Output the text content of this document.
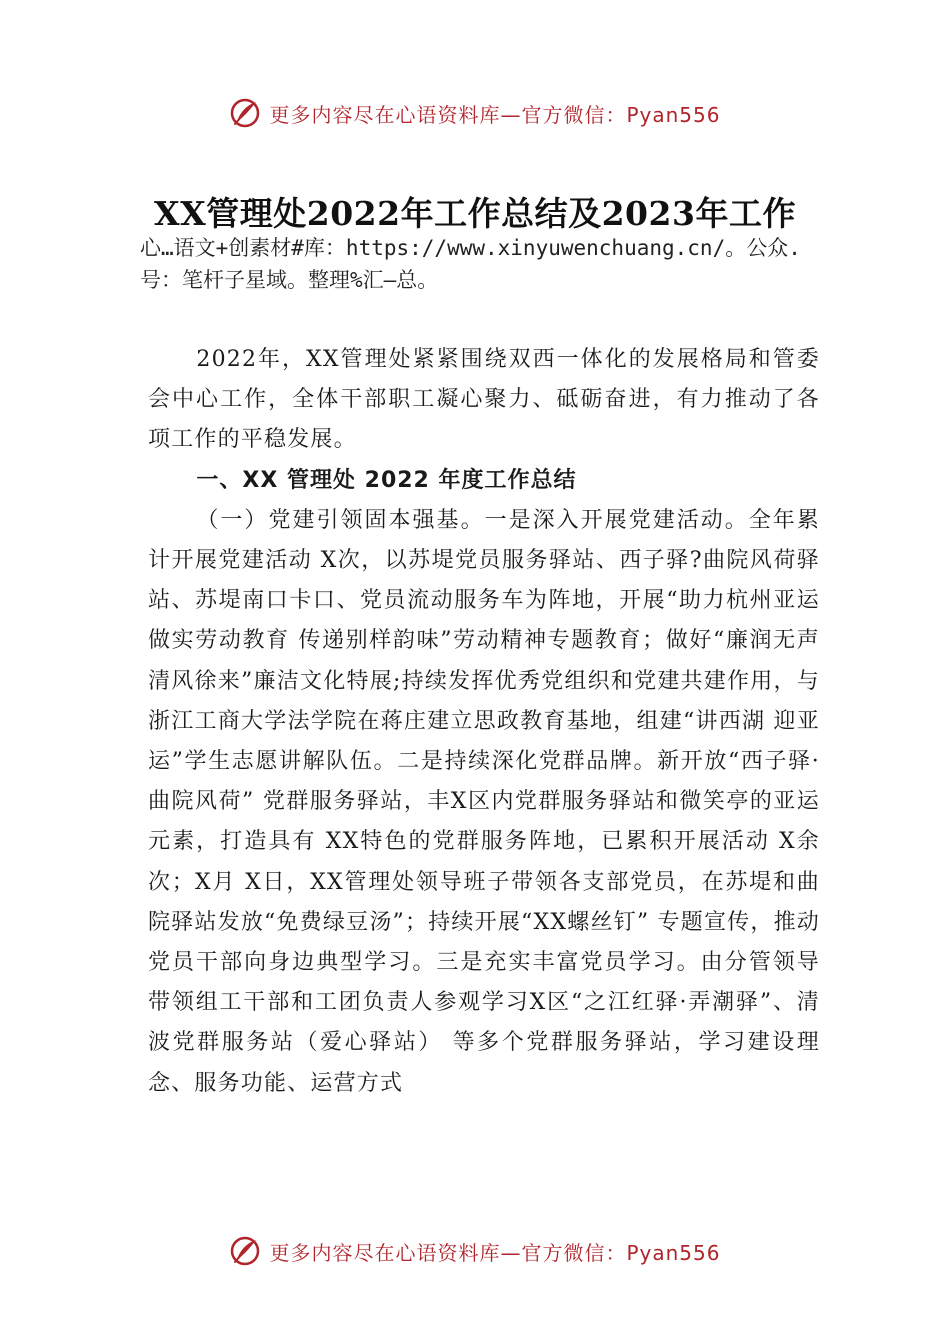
更多内容尽在心语资料库—官方微信：Pyan556
XX管理处2022年工作总结及2023年工作
心…语文+创素材#库：https://www.xinyuwenchuang.cn/。公众.号：笔杆子星域。整理%汇—总。

2022年，XX管理处紧紧围绕双西一体化的发展格局和管委会中心工作，全体干部职工凝心聚力、砥砺奋进，有力推动了各项工作的平稳发展。

一、XX 管理处 2022 年度工作总结

（一）党建引领固本强基。一是深入开展党建活动。全年累计开展党建活动 X次，以苏堤党员服务驿站、西子驿?曲院风荷驿站、苏堤南口卡口、党员流动服务车为阵地，开展“助力杭州亚运 做实劳动教育 传递别样韵味”劳动精神专题教育；做好“廉润无声 清风徐来”廉洁文化特展;持续发挥优秀党组织和党建共建作用，与浙江工商大学法学院在蒋庄建立思政教育基地，组建“讲西湖 迎亚运”学生志愿讲解队伍。二是持续深化党群品牌。新开放“西子驿·曲院风荷” 党群服务驿站，丰X区内党群服务驿站和微笑亭的亚运元素，打造具有 XX特色的党群服务阵地，已累积开展活动 X余次；X月 X日，XX管理处领导班子带领各支部党员，在苏堤和曲院驿站发放“免费绿豆汤”；持续开展“XX螺丝钉” 专题宣传，推动党员干部向身边典型学习。三是充实丰富党员学习。由分管领导带领组工干部和工团负责人参观学习X区“之江红驿·弄潮驿”、清波党群服务站（爱心驿站） 等多个党群服务驿站，学习建设理念、服务功能、运营方式

更多内容尽在心语资料库—官方微信：Pyan556
